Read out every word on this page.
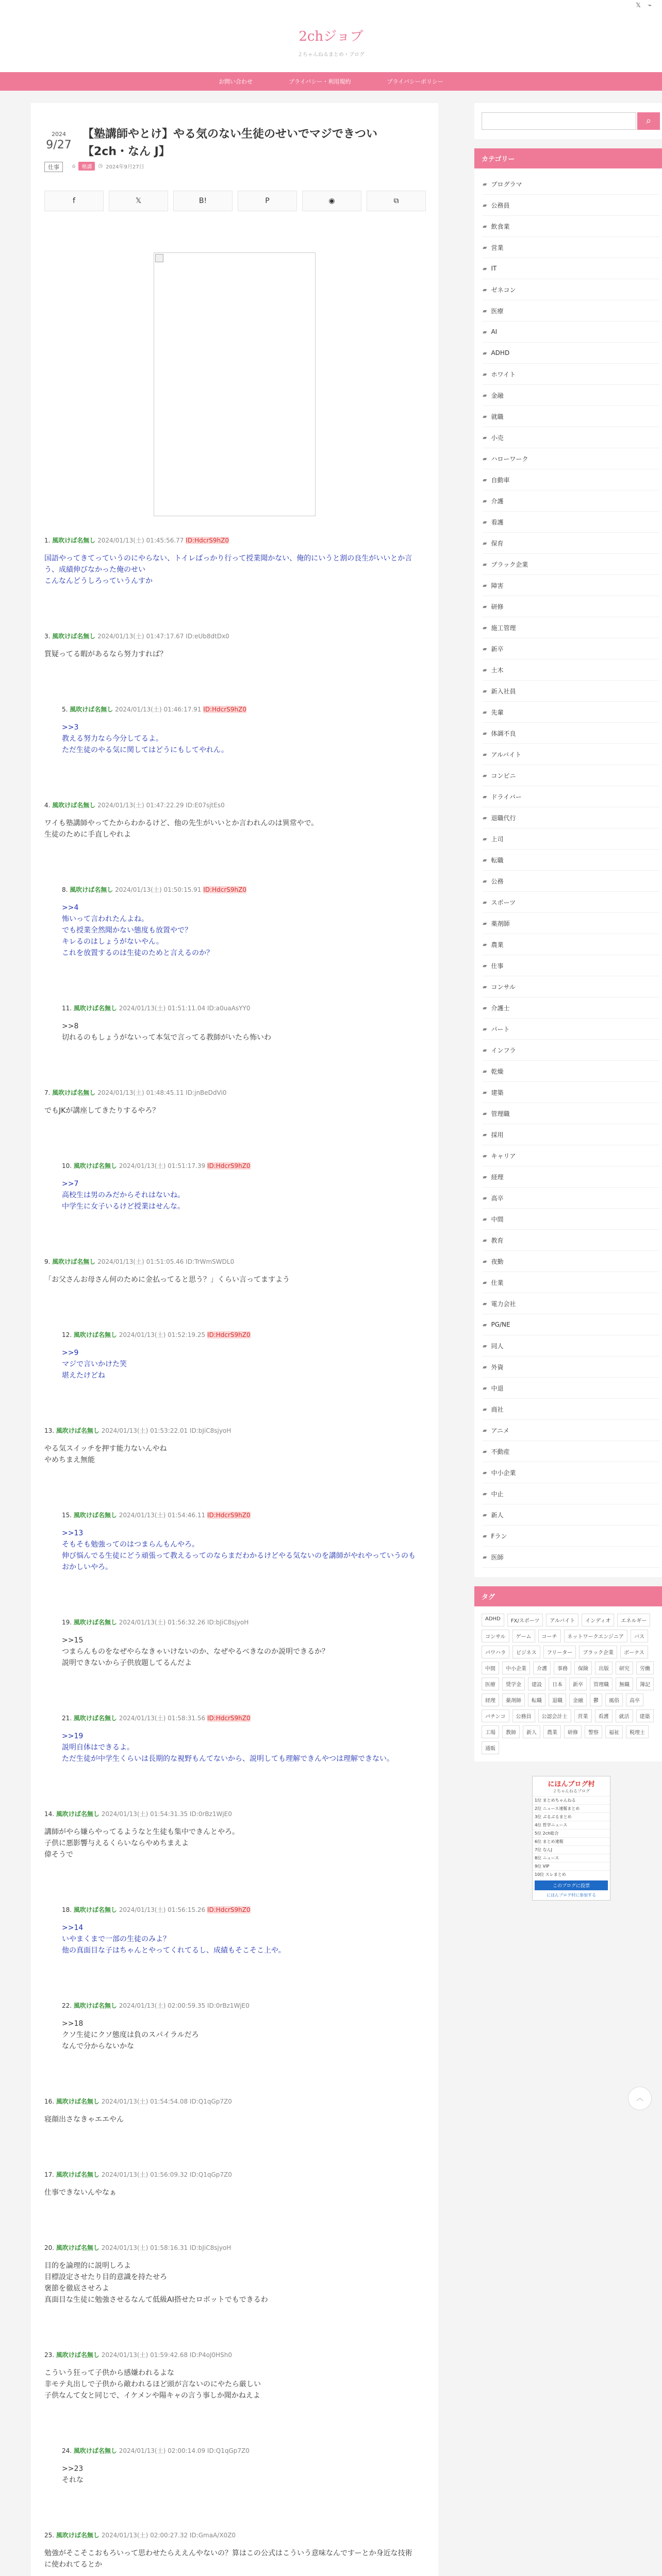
𝕏 ⌁
2chジョブ
２ちゃんねるまとめ・ブログ
お問い合わせ	プライバシー・利用規約	プライバシーポリシー
2024
9/27
【塾講師やとけ】やる気のない生徒のせいでマジできつい【2ch・なん J】
仕事	⌂	塾講	◷ 2024年9月27日
f	𝕏	B!	P	◉	⧉
1. 風吹けば名無し 2024/01/13(土) 01:45:56.77 ID:HdcrS9hZ0
国語やってきてっていうのにやらない、トイレばっかり行って授業聞かない、俺的にいうと割の良生がいいとか言う、成績伸びなかった俺のせい
こんなんどうしろっていうんすか
3. 風吹けば名無し 2024/01/13(土) 01:47:17.67 ID:eUb8dtDx0
質疑ってる暇があるなら努力すれば？
5. 風吹けば名無し 2024/01/13(土) 01:46:17.91 ID:HdcrS9hZ0
>>3
教える努力なら今分してるよ。
ただ生徒のやる気に関してはどうにもしてやれん。
4. 風吹けば名無し 2024/01/13(土) 01:47:22.29 ID:E07sjtEs0
ワイも塾講師やってたからわかるけど、他の先生がいいとか言われんのは異常やで。
生徒のために手直しやれよ
8. 風吹けば名無し 2024/01/13(土) 01:50:15.91 ID:HdcrS9hZ0
>>4
怖いって言われたんよね。
でも授業全然聞かない態度も放置やで？
キレるのはしょうがないやん。
これを放置するのは生徒のためと言えるのか？
11. 風吹けば名無し 2024/01/13(土) 01:51:11.04 ID:a0uaAsYY0
>>8
切れるのもしょうがないって本気で言ってる教師がいたら怖いわ
7. 風吹けば名無し 2024/01/13(土) 01:48:45.11 ID:jnBeDdVi0
でもJKが講座してきたりするやろ？
10. 風吹けば名無し 2024/01/13(土) 01:51:17.39 ID:HdcrS9hZ0
>>7
高校生は男のみだからそれはないね。
中学生に女子いるけど授業はせんな。
9. 風吹けば名無し 2024/01/13(土) 01:51:05.46 ID:TrWmSWDL0
「お父さんお母さん何のために金払ってると思う？」くらい言ってますよう
12. 風吹けば名無し 2024/01/13(土) 01:52:19.25 ID:HdcrS9hZ0
>>9
マジで言いかけた笑
堪えたけどね
13. 風吹けば名無し 2024/01/13(土) 01:53:22.01 ID:bJiC8sjyoH
やる気スイッチを押す能力ないんやね
やめちまえ無能
15. 風吹けば名無し 2024/01/13(土) 01:54:46.11 ID:HdcrS9hZ0
>>13
そもそも勉強ってのはつまらんもんやろ。
伸び悩んでる生徒にどう頑張って教えるってのならまだわかるけどやる気ないのを講師がやれやっていうのもおかしいやろ。
19. 風吹けば名無し 2024/01/13(土) 01:56:32.26 ID:bJiC8sjyoH
>>15
つまらんものをなぜやらなきゃいけないのか、なぜやるべきなのか説明できるか？
説明できないから子供放題してるんだよ
21. 風吹けば名無し 2024/01/13(土) 01:58:31.56 ID:HdcrS9hZ0
>>19
説明自体はできるよ。
ただ生徒が中学生くらいは長期的な視野もんてないから、説明しても理解できんやつは理解できない。
14. 風吹けば名無し 2024/01/13(土) 01:54:31.35 ID:0rBz1WjE0
講師がやら嫌らやってるようなと生徒も集中できんとやろ。
子供に悪影響与えるくらいならやめちまえよ
偉そうで
18. 風吹けば名無し 2024/01/13(土) 01:56:15.26 ID:HdcrS9hZ0
>>14
いやまくまで一部の生徒のみよ？
他の真面目な子はちゃんとやってくれてるし、成績もそこそこ上や。
22. 風吹けば名無し 2024/01/13(土) 02:00:59.35 ID:0rBz1WjE0
>>18
クソ生徒にクソ態度は負のスパイラルだろ
なんで分からないかな
16. 風吹けば名無し 2024/01/13(土) 01:54:54.08 ID:Q1qGp7Z0
寝顔出さなきゃエエやん
17. 風吹けば名無し 2024/01/13(土) 01:56:09.32 ID:Q1qGp7Z0
仕事できないんやなぁ
20. 風吹けば名無し 2024/01/13(土) 01:58:16.31 ID:bJiC8sjyoH
目的を論理的に説明しろよ
目標設定させたり目的意識を持たせろ
褒節を徹底させろよ
真面目な生徒に勉強させるなんて低級AI搭せたロボットでもできるわ
23. 風吹けば名無し 2024/01/13(土) 01:59:42.68 ID:P4oJ0HSh0
こういう狂って子供から感嫌われるよな
非モテ丸出しで子供から敵われるほど頭が言ないのにやたら厳しい
子供なんて女と同じで、イケメンや陽キャの言う事しか聞かねえよ
24. 風吹けば名無し 2024/01/13(土) 02:00:14.09 ID:Q1qGp7Z0
>>23
それな
25. 風吹けば名無し 2024/01/13(土) 02:00:27.32 ID:GmaA/X0Z0
勉強がそこそこおもろいって思わせたらええんやないの？算はこの公式はこういう意味なんですーとか身近な技術に使われてるとか
⌕
カテゴリー
▰ プログラマ
▰ 公務員
▰ 飲食業
▰ 営業
▰ IT
▰ ゼネコン
▰ 医療
▰ AI
▰ ADHD
▰ ホワイト
▰ 金融
▰ 就職
▰ 小売
▰ ハローワーク
▰ 自動車
▰ 介護
▰ 看護
▰ 保育
▰ ブラック企業
▰ 障害
▰ 研修
▰ 施工管理
▰ 新卒
▰ 土木
▰ 新入社員
▰ 先輩
▰ 体調不良
▰ アルバイト
▰ コンビニ
▰ ドライバー
▰ 退職代行
▰ 上司
▰ 転職
▰ 公務
▰ スポーツ
▰ 薬剤師
▰ 農業
▰ 仕事
▰ コンサル
▰ 介護士
▰ パート
▰ インフラ
▰ 乾燥
▰ 建築
▰ 管理職
▰ 採用
▰ キャリア
▰ 経理
▰ 高卒
▰ 中間
▰ 教育
▰ 夜勤
▰ 仕業
▰ 電力会社
▰ PG/NE
▰ 同人
▰ 外資
▰ 中退
▰ 商社
▰ アニメ
▰ 不動産
▰ 中小企業
▰ 中止
▰ 新人
▰ Fラン
▰ 医師
タグ
ADHD	FX/スポーツ	アルバイト	インディオ	エネルギー
コンサル	ゲーム	コーチ	ネットワークエンジニア	バス
パワハラ	ビジネス	フリーター	ブラック企業	ボーナス
中間	中小企業	介護	事務	保険	出版	研究	労働
医療	奨学金	建設	日本	新卒	管理職	無職	簿記
経理	薬剤師	転職	退職	金融	鬱	風俗	高卒
パチンコ	公務員	公認会計士	営業	看護	就活	建築
工場	教師	新人	農業	研修	警察	福祉	税理士
通販
にほんブログ村
２ちゃんねるブログ
1位 まとめちゃんねる
2位 ニュース速報まとめ
3位 ぶるぶるまとめ
4位 哲学ニュース
5位 2ch総合
6位 まとめ速報
7位 なんJ
8位 ニュース
9位 VIP
10位 スレまとめ
このブログに投票
にほんブログ村に参加する
︿
